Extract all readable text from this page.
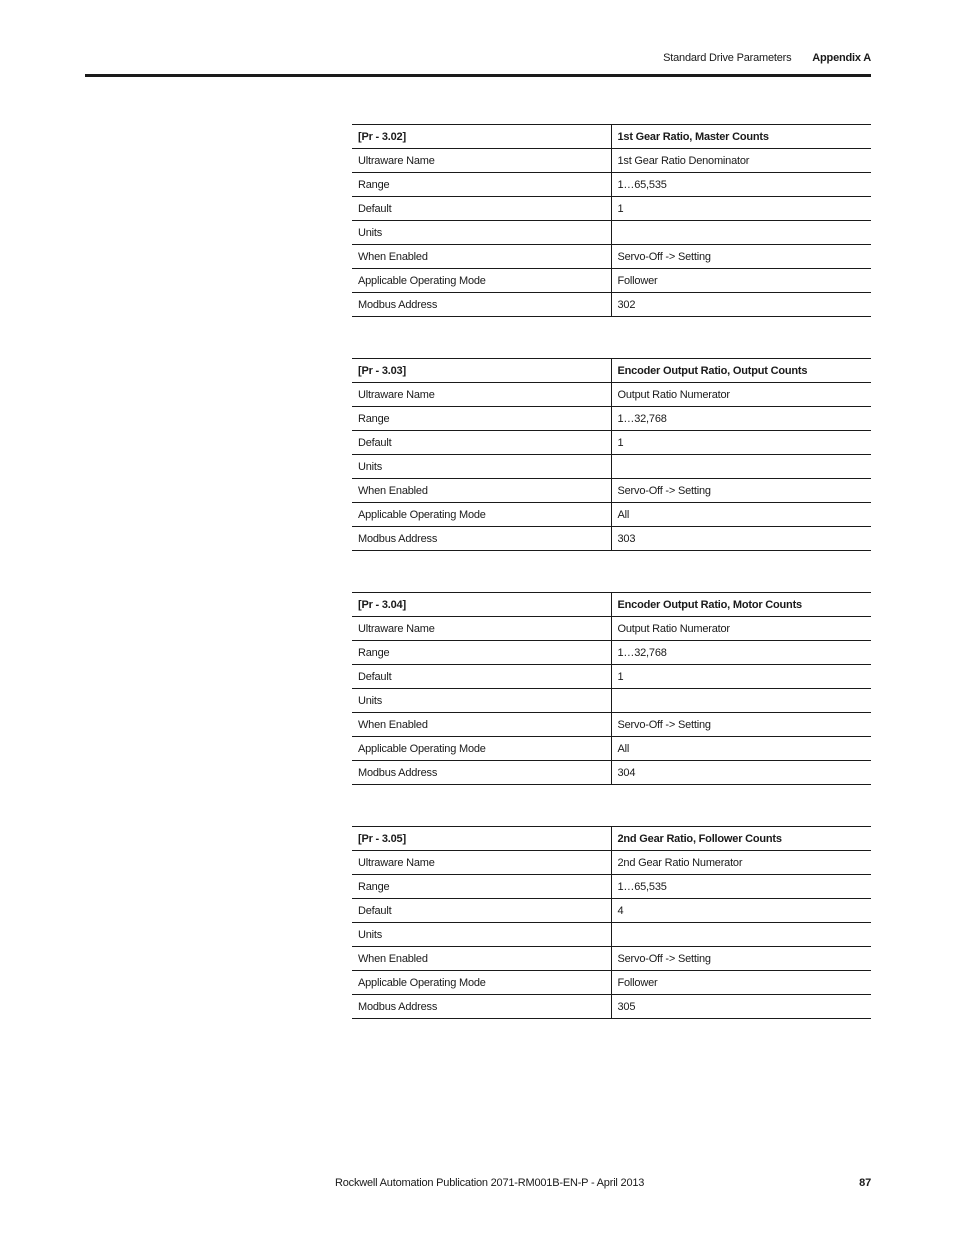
Standard Drive Parameters Appendix A
[Pr - 3.02]	1st Gear Ratio, Master Counts
Ultraware Name	1st Gear Ratio Denominator
Range	1…65,535
Default	1
Units	
When Enabled	Servo-Off -> Setting
Applicable Operating Mode	Follower
Modbus Address	302
[Pr - 3.03]	Encoder Output Ratio, Output Counts
Ultraware Name	Output Ratio Numerator
Range	1…32,768
Default	1
Units	
When Enabled	Servo-Off -> Setting
Applicable Operating Mode	All
Modbus Address	303
[Pr - 3.04]	Encoder Output Ratio, Motor Counts
Ultraware Name	Output Ratio Numerator
Range	1…32,768
Default	1
Units	
When Enabled	Servo-Off -> Setting
Applicable Operating Mode	All
Modbus Address	304
[Pr - 3.05]	2nd Gear Ratio, Follower Counts
Ultraware Name	2nd Gear Ratio Numerator
Range	1…65,535
Default	4
Units	
When Enabled	Servo-Off -> Setting
Applicable Operating Mode	Follower
Modbus Address	305
Rockwell Automation Publication 2071-RM001B-EN-P - April 2013	87
